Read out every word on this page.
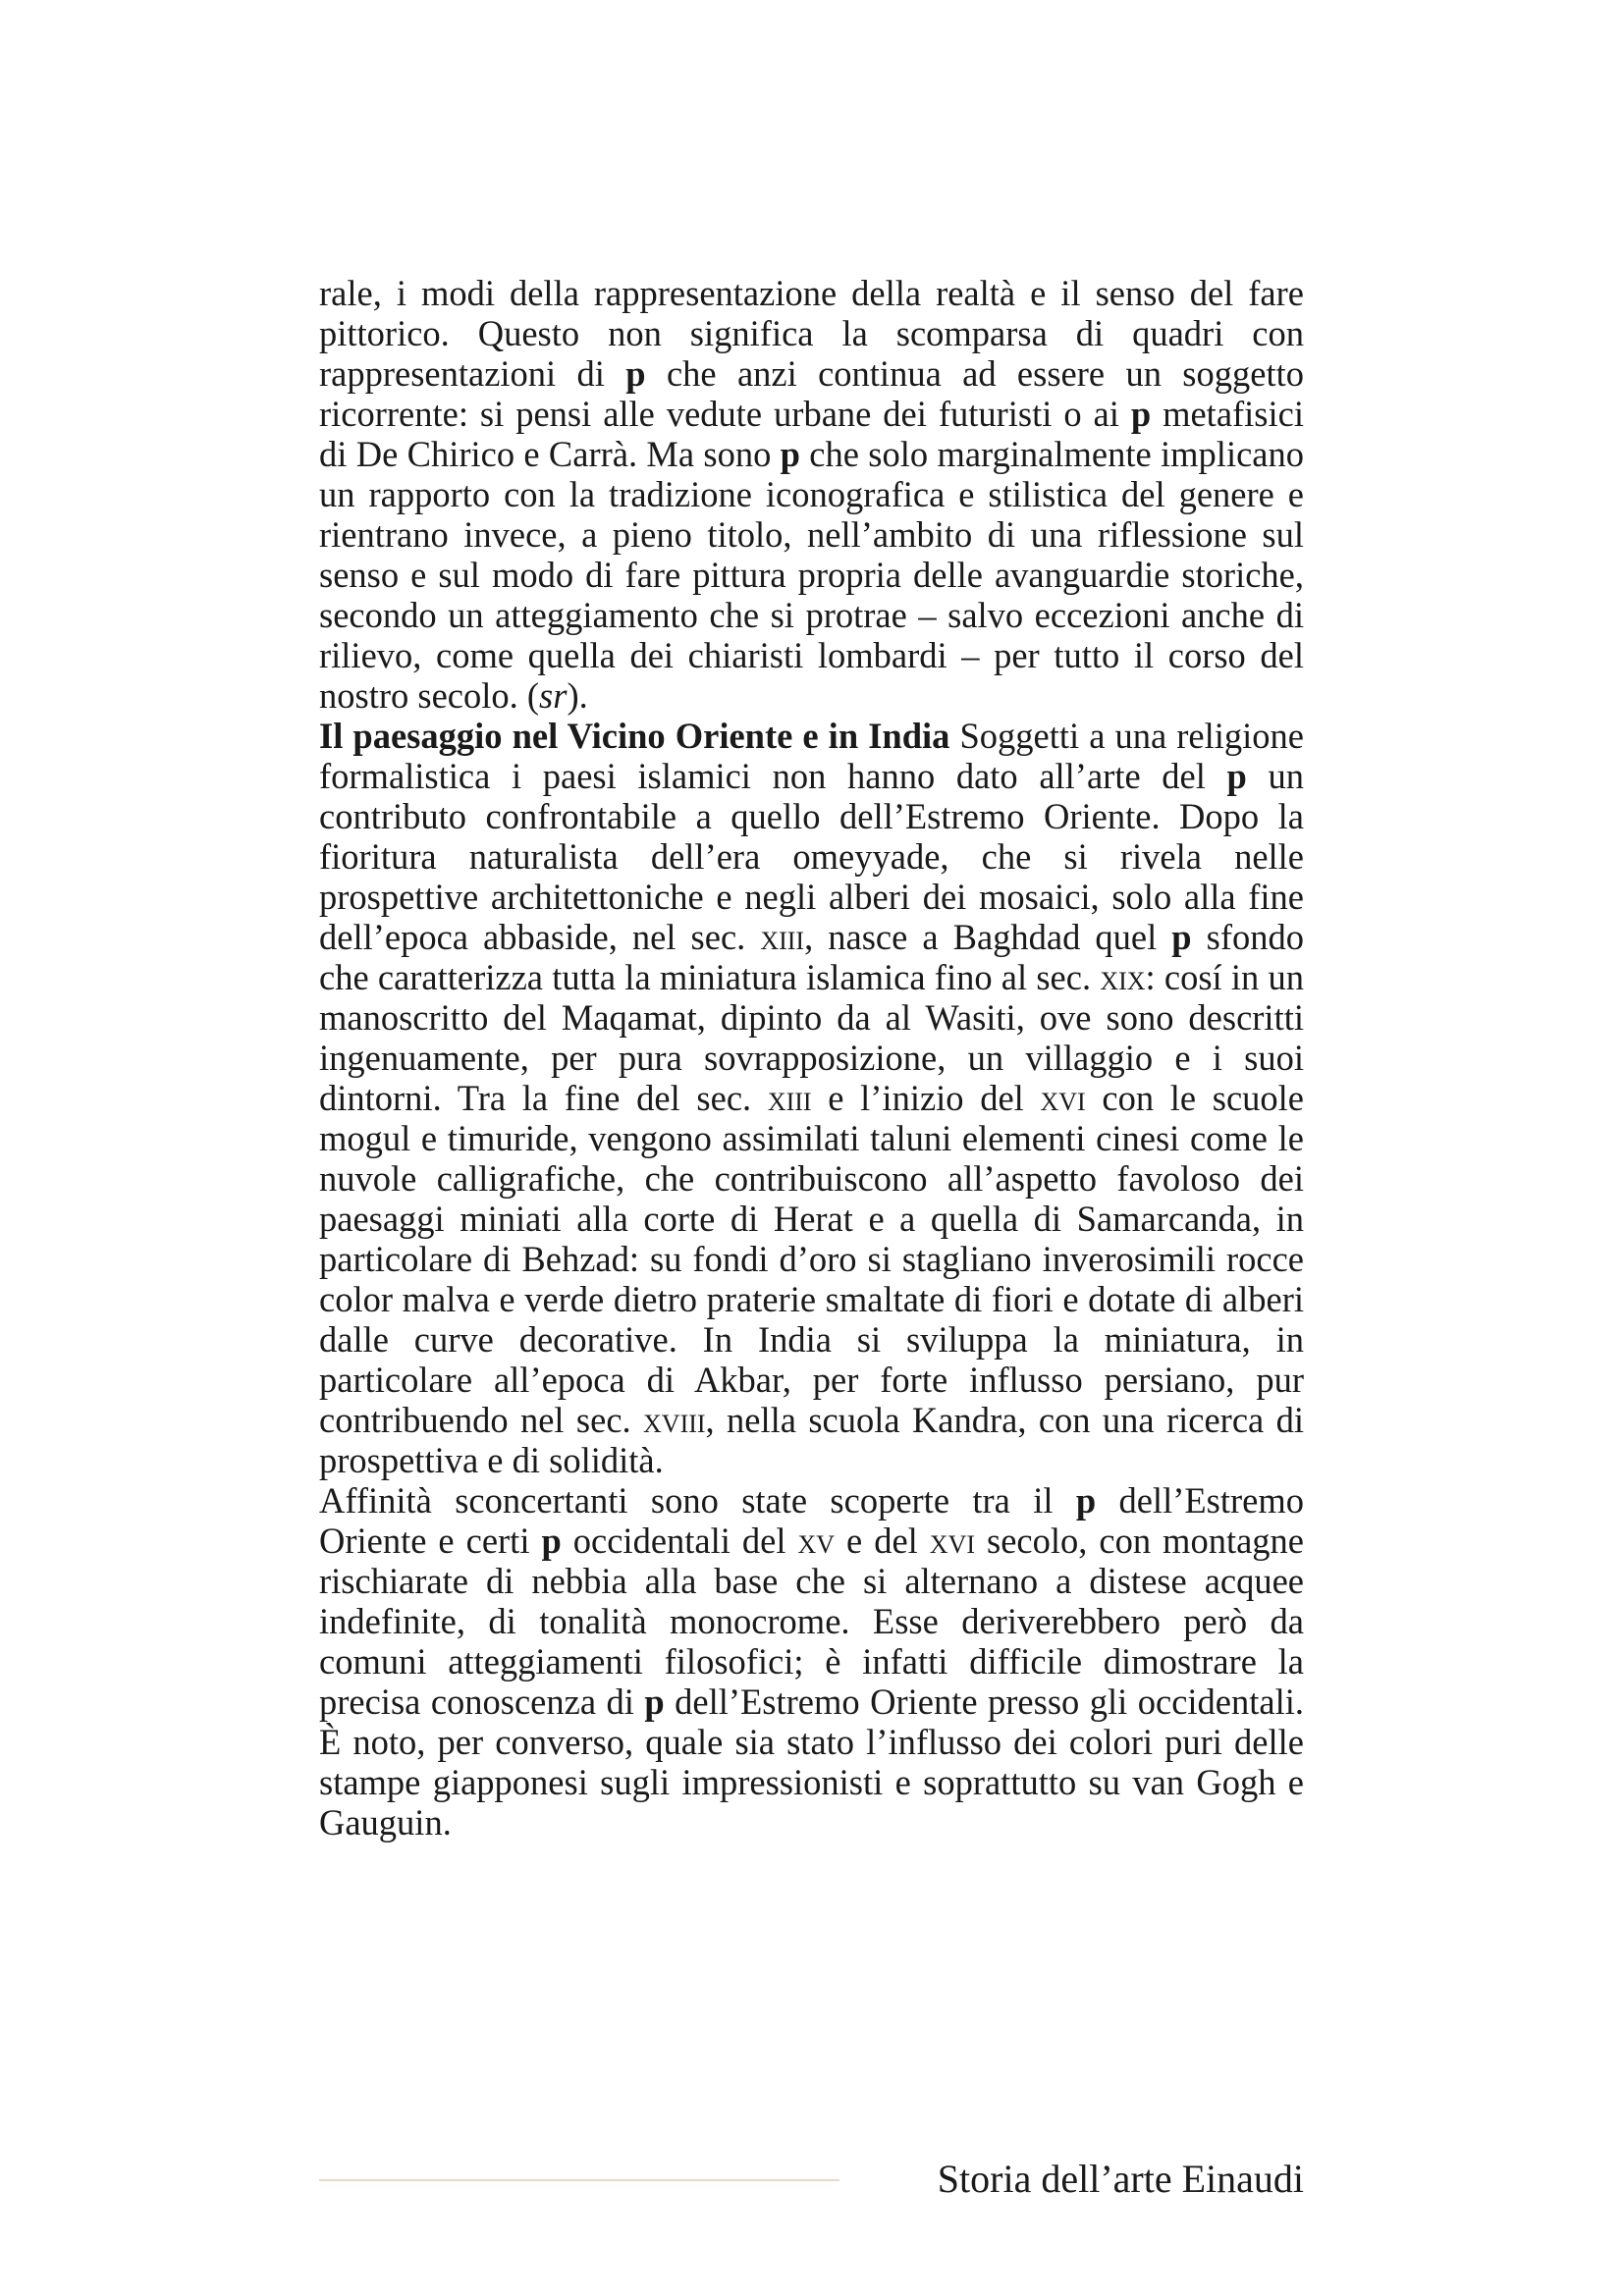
rale, i modi della rappresentazione della realtà e il senso del fare pittorico. Questo non significa la scomparsa di quadri con rappresentazioni di p che anzi continua ad essere un soggetto ricorrente: si pensi alle vedute urbane dei futuristi o ai p metafisici di De Chirico e Carrà. Ma sono p che solo marginalmente implicano un rapporto con la tradizione iconografica e stilistica del genere e rientrano invece, a pieno titolo, nell’ambito di una riflessione sul senso e sul modo di fare pittura propria delle avanguardie storiche, secondo un atteggiamento che si protrae – salvo eccezioni anche di rilievo, come quella dei chiaristi lombardi – per tutto il corso del nostro secolo. (sr).

Il paesaggio nel Vicino Oriente e in India Soggetti a una religione formalistica i paesi islamici non hanno dato all’arte del p un contributo confrontabile a quello dell’Estremo Oriente. Dopo la fioritura naturalista dell’era omeyyade, che si rivela nelle prospettive architettoniche e negli alberi dei mosaici, solo alla fine dell’epoca abbaside, nel sec. xiii, nasce a Baghdad quel p sfondo che caratterizza tutta la miniatura islamica fino al sec. xix: cosí in un manoscritto del Maqamat, dipinto da al Wasiti, ove sono descritti ingenuamente, per pura sovrapposizione, un villaggio e i suoi dintorni. Tra la fine del sec. xiii e l’inizio del xvi con le scuole mogul e timuride, vengono assimilati taluni elementi cinesi come le nuvole calligrafiche, che contribuiscono all’aspetto favoloso dei paesaggi miniati alla corte di Herat e a quella di Samarcanda, in particolare di Behzad: su fondi d’oro si stagliano inverosimili rocce color malva e verde dietro praterie smaltate di fiori e dotate di alberi dalle curve decorative. In India si sviluppa la miniatura, in particolare all’epoca di Akbar, per forte influsso persiano, pur contribuendo nel sec. xviii, nella scuola Kandra, con una ricerca di prospettiva e di solidità.

Affinità sconcertanti sono state scoperte tra il p dell’Estremo Oriente e certi p occidentali del xv e del xvi secolo, con montagne rischiarate di nebbia alla base che si alternano a distese acquee indefinite, di tonalità monocrome. Esse deriverebbero però da comuni atteggiamenti filosofici; è infatti difficile dimostrare la precisa conoscenza di p dell’Estremo Oriente presso gli occidentali. È noto, per converso, quale sia stato l’influsso dei colori puri delle stampe giapponesi sugli impressionisti e soprattutto su van Gogh e Gauguin.

Storia dell’arte Einaudi
